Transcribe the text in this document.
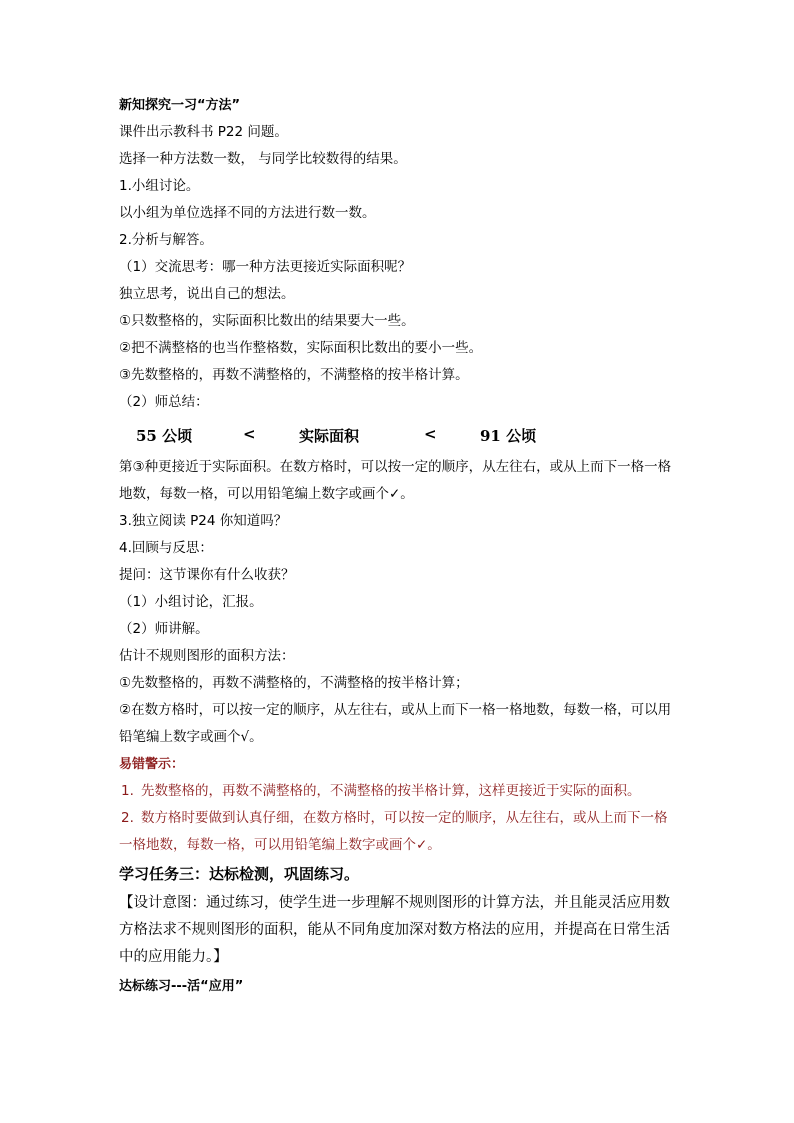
新知探究一习“方法”
课件出示教科书 P22 问题。
选择一种方法数一数， 与同学比较数得的结果。
1.小组讨论。
以小组为单位选择不同的方法进行数一数。
2.分析与解答。
（1）交流思考：哪一种方法更接近实际面积呢？
独立思考，说出自己的想法。
①只数整格的，实际面积比数出的结果要大一些。
②把不满整格的也当作整格数，实际面积比数出的要小一些。
③先数整格的，再数不满整格的，不满整格的按半格计算。
（2）师总结：
55 公顷	<	实际面积	<	91 公顷
第③种更接近于实际面积。在数方格时，可以按一定的顺序，从左往右，或从上而下一格一格地数，每数一格，可以用铅笔编上数字或画个✓。
3.独立阅读 P24 你知道吗？
4.回顾与反思：
提问：这节课你有什么收获？
（1）小组讨论，汇报。
（2）师讲解。
估计不规则图形的面积方法：
①先数整格的，再数不满整格的，不满整格的按半格计算；
②在数方格时，可以按一定的顺序，从左往右，或从上而下一格一格地数，每数一格，可以用铅笔编上数字或画个√。
易错警示：
1. 先数整格的，再数不满整格的，不满整格的按半格计算，这样更接近于实际的面积。
2. 数方格时要做到认真仔细，在数方格时，可以按一定的顺序，从左往右，或从上而下一格一格地数，每数一格，可以用铅笔编上数字或画个✓。
学习任务三：达标检测，巩固练习。
【设计意图：通过练习，使学生进一步理解不规则图形的计算方法，并且能灵活应用数方格法求不规则图形的面积，能从不同角度加深对数方格法的应用，并提高在日常生活中的应用能力。】
达标练习---活“应用”
